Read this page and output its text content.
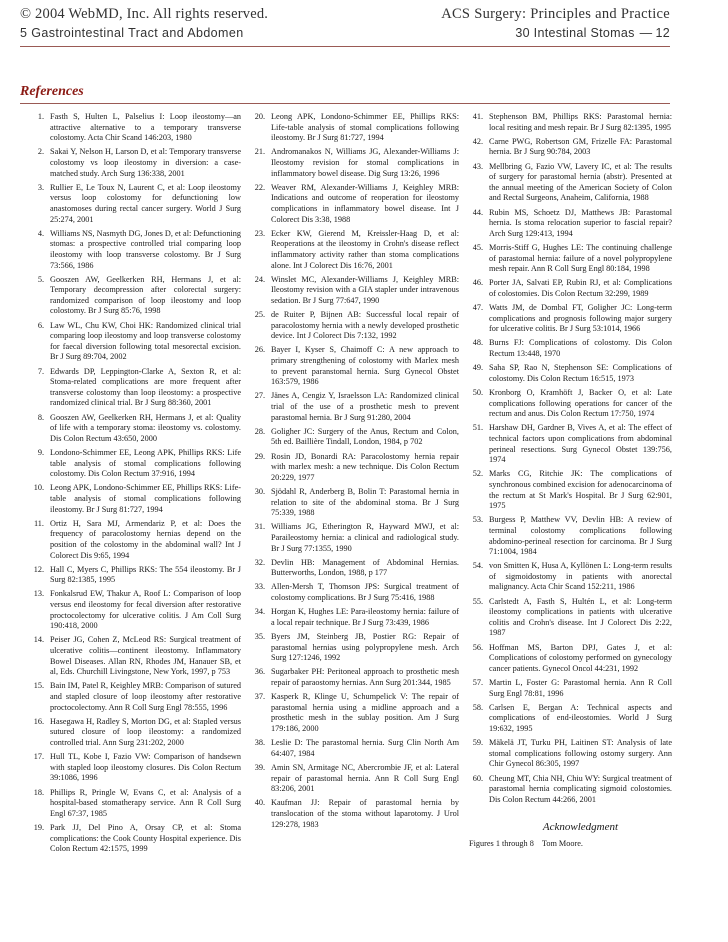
© 2004 WebMD, Inc. All rights reserved.	ACS Surgery: Principles and Practice
5 Gastrointestinal Tract and Abdomen	30 Intestinal Stomas — 12
References
1. Fasth S, Hulten L, Palselius I: Loop ileostomy—an attractive alternative to a temporary transverse colostomy. Acta Chir Scand 146:203, 1980
2. Sakai Y, Nelson H, Larson D, et al: Temporary transverse colostomy vs loop ileostomy in diversion: a case-matched study. Arch Surg 136:338, 2001
3. Rullier E, Le Toux N, Laurent C, et al: Loop ileostomy versus loop colostomy for defunctioning low anastomoses during rectal cancer surgery. World J Surg 25:274, 2001
4. Williams NS, Nasmyth DG, Jones D, et al: Defunctioning stomas: a prospective controlled trial comparing loop ileostomy with loop transverse colostomy. Br J Surg 73:566, 1986
5. Gooszen AW, Geelkerken RH, Hermans J, et al: Temporary decompression after colorectal surgery: randomized comparison of loop ileostomy and loop colostomy. Br J Surg 85:76, 1998
6. Law WL, Chu KW, Choi HK: Randomized clinical trial comparing loop ileostomy and loop transverse colostomy for faecal diversion following total mesorectal excision. Br J Surg 89:704, 2002
7. Edwards DP, Leppington-Clarke A, Sexton R, et al: Stoma-related complications are more frequent after transverse colostomy than loop ileostomy: a prospective randomized clinical trial. Br J Surg 88:360, 2001
8. Gooszen AW, Geelkerken RH, Hermans J, et al: Quality of life with a temporary stoma: ileostomy vs. colostomy. Dis Colon Rectum 43:650, 2000
9. Londono-Schimmer EE, Leong APK, Phillips RKS: Life table analysis of stomal complications following colostomy. Dis Colon Rectum 37:916, 1994
10. Leong APK, Londono-Schimmer EE, Phillips RKS: Life-table analysis of stomal complications following ileostomy. Br J Surg 81:727, 1994
11. Ortiz H, Sara MJ, Armendariz P, et al: Does the frequency of paracolostomy hernias depend on the position of the colostomy in the abdominal wall? Int J Colorect Dis 9:65, 1994
12. Hall C, Myers C, Phillips RKS: The 554 ileostomy. Br J Surg 82:1385, 1995
13. Fonkalsrud EW, Thakur A, Roof L: Comparison of loop versus end ileostomy for fecal diversion after restorative proctocolectomy for ulcerative colitis. J Am Coll Surg 190:418, 2000
14. Peiser JG, Cohen Z, McLeod RS: Surgical treatment of ulcerative colitis—continent ileostomy. Inflammatory Bowel Diseases. Allan RN, Rhodes JM, Hanauer SB, et al, Eds. Churchill Livingstone, New York, 1997, p 753
15. Bain IM, Patel R, Keighley MRB: Comparison of sutured and stapled closure of loop ileostomy after restorative proctocolectomy. Ann R Coll Surg Engl 78:555, 1996
16. Hasegawa H, Radley S, Morton DG, et al: Stapled versus sutured closure of loop ileostomy: a randomized controlled trial. Ann Surg 231:202, 2000
17. Hull TL, Kobe I, Fazio VW: Comparison of handsewn with stapled loop ileostomy closures. Dis Colon Rectum 39:1086, 1996
18. Phillips R, Pringle W, Evans C, et al: Analysis of a hospital-based stomatherapy service. Ann R Coll Surg Engl 67:37, 1985
19. Park JJ, Del Pino A, Orsay CP, et al: Stoma complications: the Cook County Hospital experience. Dis Colon Rectum 42:1575, 1999
20. Leong APK, Londono-Schimmer EE, Phillips RKS: Life-table analysis of stomal complications following ileostomy. Br J Surg 81:727, 1994
21. Andromanakos N, Williams JG, Alexander-Williams J: Ileostomy revision for stomal complications in inflammatory bowel disease. Dig Surg 13:26, 1996
22. Weaver RM, Alexander-Williams J, Keighley MRB: Indications and outcome of reoperation for ileostomy complications in inflammatory bowel disease. Int J Colorect Dis 3:38, 1988
23. Ecker KW, Gierend M, Kreissler-Haag D, et al: Reoperations at the ileostomy in Crohn's disease reflect inflammatory activity rather than stoma complications alone. Int J Colorect Dis 16:76, 2001
24. Winslet MC, Alexander-Williams J, Keighley MRB: Ileostomy revision with a GIA stapler under intravenous sedation. Br J Surg 77:647, 1990
25. de Ruiter P, Bijnen AB: Successful local repair of paracolostomy hernia with a newly developed prosthetic device. Int J Colorect Dis 7:132, 1992
26. Bayer I, Kyser S, Chaimoff C: A new approach to primary strengthening of colostomy with Marlex mesh to prevent paranstomal hernia. Surg Gynecol Obstet 163:579, 1986
27. Jänes A, Cengiz Y, Israelsson LA: Randomized clinical trial of the use of a prosthetic mesh to prevent parastomal hernia. Br J Surg 91:280, 2004
28. Goligher JC: Surgery of the Anus, Rectum and Colon, 5th ed. Baillière Tindall, London, 1984, p 702
29. Rosin JD, Bonardi RA: Paracolostomy hernia repair with marlex mesh: a new technique. Dis Colon Rectum 20:229, 1977
30. Sjödahl R, Anderberg B, Bolin T: Parastomal hernia in relation to site of the abdominal stoma. Br J Surg 75:339, 1988
31. Williams JG, Etherington R, Hayward MWJ, et al: Paraileostomy hernia: a clinical and radiological study. Br J Surg 77:1355, 1990
32. Devlin HB: Management of Abdominal Hernias. Butterworths, London, 1988, p 177
33. Allen-Mersh T, Thomson JPS: Surgical treatment of colostomy complications. Br J Surg 75:416, 1988
34. Horgan K, Hughes LE: Para-ileostomy hernia: failure of a local repair technique. Br J Surg 73:439, 1986
35. Byers JM, Steinberg JB, Postier RG: Repair of parastomal hernias using polypropylene mesh. Arch Surg 127:1246, 1992
36. Sugarbaker PH: Peritoneal approach to prosthetic mesh repair of paraostomy hernias. Ann Surg 201:344, 1985
37. Kasperk R, Klinge U, Schumpelick V: The repair of parastomal hernia using a midline approach and a prosthetic mesh in the sublay position. Am J Surg 179:186, 2000
38. Leslie D: The parastomal hernia. Surg Clin North Am 64:407, 1984
39. Amin SN, Armitage NC, Abercrombie JF, et al: Lateral repair of parastomal hernia. Ann R Coll Surg Engl 83:206, 2001
40. Kaufman JJ: Repair of parastomal hernia by translocation of the stoma without laparotomy. J Urol 129:278, 1983
41. Stephenson BM, Phillips RKS: Parastomal hernia: local resiting and mesh repair. Br J Surg 82:1395, 1995
42. Carne PWG, Robertson GM, Frizelle FA: Parastomal hernia. Br J Surg 90:784, 2003
43. Mellbring G, Fazio VW, Lavery IC, et al: The results of surgery for parastomal hernia (abstr). Presented at the annual meeting of the American Society of Colon and Rectal Surgeons, Anaheim, California, 1988
44. Rubin MS, Schoetz DJ, Matthews JB: Parastomal hernia. Is stoma relocation superior to fascial repair? Arch Surg 129:413, 1994
45. Morris-Stiff G, Hughes LE: The continuing challenge of parastomal hernia: failure of a novel polypropylene mesh repair. Ann R Coll Surg Engl 80:184, 1998
46. Porter JA, Salvati EP, Rubin RJ, et al: Complications of colostomies. Dis Colon Rectum 32:299, 1989
47. Watts JM, de Dombal FT, Goligher JC: Long-term complications and prognosis following major surgery for ulcerative colitis. Br J Surg 53:1014, 1966
48. Burns FJ: Complications of colostomy. Dis Colon Rectum 13:448, 1970
49. Saha SP, Rao N, Stephenson SE: Complications of colostomy. Dis Colon Rectum 16:515, 1973
50. Kronborg O, Kramhöft J, Backer O, et al: Late complications following operations for cancer of the rectum and anus. Dis Colon Rectum 17:750, 1974
51. Harshaw DH, Gardner B, Vives A, et al: The effect of technical factors upon complications from abdominal perineal resections. Surg Gynecol Obstet 139:756, 1974
52. Marks CG, Ritchie JK: The complications of synchronous combined excision for adenocarcinoma of the rectum at St Mark's Hospital. Br J Surg 62:901, 1975
53. Burgess P, Matthew VV, Devlin HB: A review of terminal colostomy complications following abdomino-perineal resection for carcinoma. Br J Surg 71:1004, 1984
54. von Smitten K, Husa A, Kyllönen L: Long-term results of sigmoidostomy in patients with anorectal malignancy. Acta Chir Scand 152:211, 1986
55. Carlstedt A, Fasth S, Hultén L, et al: Long-term ileostomy complications in patients with ulcerative colitis and Crohn's disease. Int J Colorect Dis 2:22, 1987
56. Hoffman MS, Barton DPJ, Gates J, et al: Complications of colostomy performed on gynecology cancer patients. Gynecol Oncol 44:231, 1992
57. Martin L, Foster G: Parastomal hernia. Ann R Coll Surg Engl 78:81, 1996
58. Carlsen E, Bergan A: Technical aspects and complications of end-ileostomies. World J Surg 19:632, 1995
59. Mäkelä JT, Turku PH, Laitinen ST: Analysis of late stomal complications following ostomy surgery. Ann Chir Gynecol 86:305, 1997
60. Cheung MT, Chia NH, Chiu WY: Surgical treatment of parastomal hernia complicating sigmoid colostomies. Dis Colon Rectum 44:266, 2001
Acknowledgment

Figures 1 through 8 Tom Moore.
